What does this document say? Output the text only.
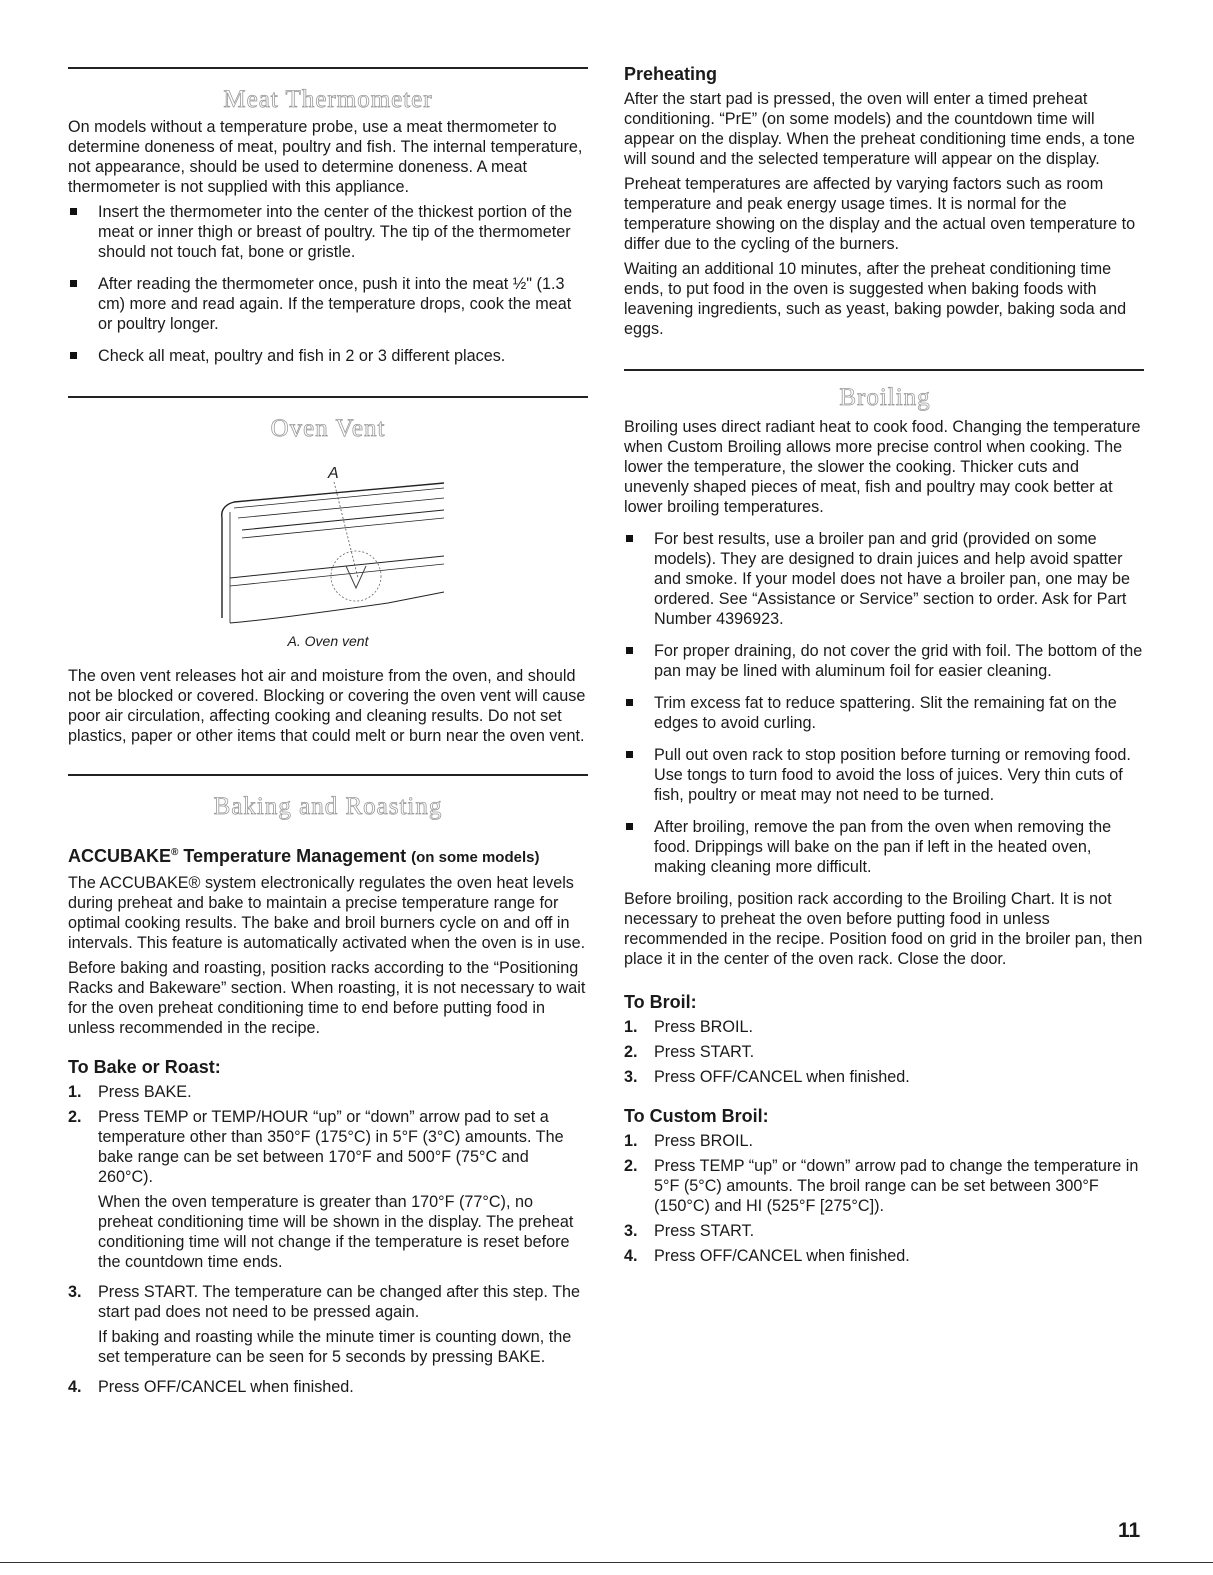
Meat Thermometer

On models without a temperature probe, use a meat thermometer to determine doneness of meat, poultry and fish. The internal temperature, not appearance, should be used to determine doneness. A meat thermometer is not supplied with this appliance.

Insert the thermometer into the center of the thickest portion of the meat or inner thigh or breast of poultry. The tip of the thermometer should not touch fat, bone or gristle.
After reading the thermometer once, push it into the meat ½" (1.3 cm) more and read again. If the temperature drops, cook the meat or poultry longer.
Check all meat, poultry and fish in 2 or 3 different places.
Oven Vent
A
A. Oven vent
The oven vent releases hot air and moisture from the oven, and should not be blocked or covered. Blocking or covering the oven vent will cause poor air circulation, affecting cooking and cleaning results. Do not set plastics, paper or other items that could melt or burn near the oven vent.
Baking and Roasting
ACCUBAKE® Temperature Management (on some models)

The ACCUBAKE® system electronically regulates the oven heat levels during preheat and bake to maintain a precise temperature range for optimal cooking results. The bake and broil burners cycle on and off in intervals. This feature is automatically activated when the oven is in use.

Before baking and roasting, position racks according to the “Positioning Racks and Bakeware” section. When roasting, it is not necessary to wait for the oven preheat conditioning time to end before putting food in unless recommended in the recipe.

To Bake or Roast:
1. Press BAKE.
2. Press TEMP or TEMP/HOUR “up” or “down” arrow pad to set a temperature other than 350°F (175°C) in 5°F (3°C) amounts. The bake range can be set between 170°F and 500°F (75°C and 260°C).

When the oven temperature is greater than 170°F (77°C), no preheat conditioning time will be shown in the display. The preheat conditioning time will not change if the temperature is reset before the countdown time ends.

3. Press START. The temperature can be changed after this step. The start pad does not need to be pressed again.

If baking and roasting while the minute timer is counting down, the set temperature can be seen for 5 seconds by pressing BAKE.

4. Press OFF/CANCEL when finished.
Preheating

After the start pad is pressed, the oven will enter a timed preheat conditioning. “PrE” (on some models) and the countdown time will appear on the display. When the preheat conditioning time ends, a tone will sound and the selected temperature will appear on the display.

Preheat temperatures are affected by varying factors such as room temperature and peak energy usage times. It is normal for the temperature showing on the display and the actual oven temperature to differ due to the cycling of the burners.

Waiting an additional 10 minutes, after the preheat conditioning time ends, to put food in the oven is suggested when baking foods with leavening ingredients, such as yeast, baking powder, baking soda and eggs.

Broiling

Broiling uses direct radiant heat to cook food. Changing the temperature when Custom Broiling allows more precise control when cooking. The lower the temperature, the slower the cooking. Thicker cuts and unevenly shaped pieces of meat, fish and poultry may cook better at lower broiling temperatures.

For best results, use a broiler pan and grid (provided on some models). They are designed to drain juices and help avoid spatter and smoke. If your model does not have a broiler pan, one may be ordered. See “Assistance or Service” section to order. Ask for Part Number 4396923.
For proper draining, do not cover the grid with foil. The bottom of the pan may be lined with aluminum foil for easier cleaning.
Trim excess fat to reduce spattering. Slit the remaining fat on the edges to avoid curling.
Pull out oven rack to stop position before turning or removing food. Use tongs to turn food to avoid the loss of juices. Very thin cuts of fish, poultry or meat may not need to be turned.
After broiling, remove the pan from the oven when removing the food. Drippings will bake on the pan if left in the heated oven, making cleaning more difficult.

Before broiling, position rack according to the Broiling Chart. It is not necessary to preheat the oven before putting food in unless recommended in the recipe. Position food on grid in the broiler pan, then place it in the center of the oven rack. Close the door.

To Broil:
1. Press BROIL.
2. Press START.
3. Press OFF/CANCEL when finished.
To Custom Broil:
1. Press BROIL.
2. Press TEMP “up” or “down” arrow pad to change the temperature in 5°F (5°C) amounts. The broil range can be set between 300°F (150°C) and HI (525°F [275°C]).
3. Press START.
4. Press OFF/CANCEL when finished.
11
